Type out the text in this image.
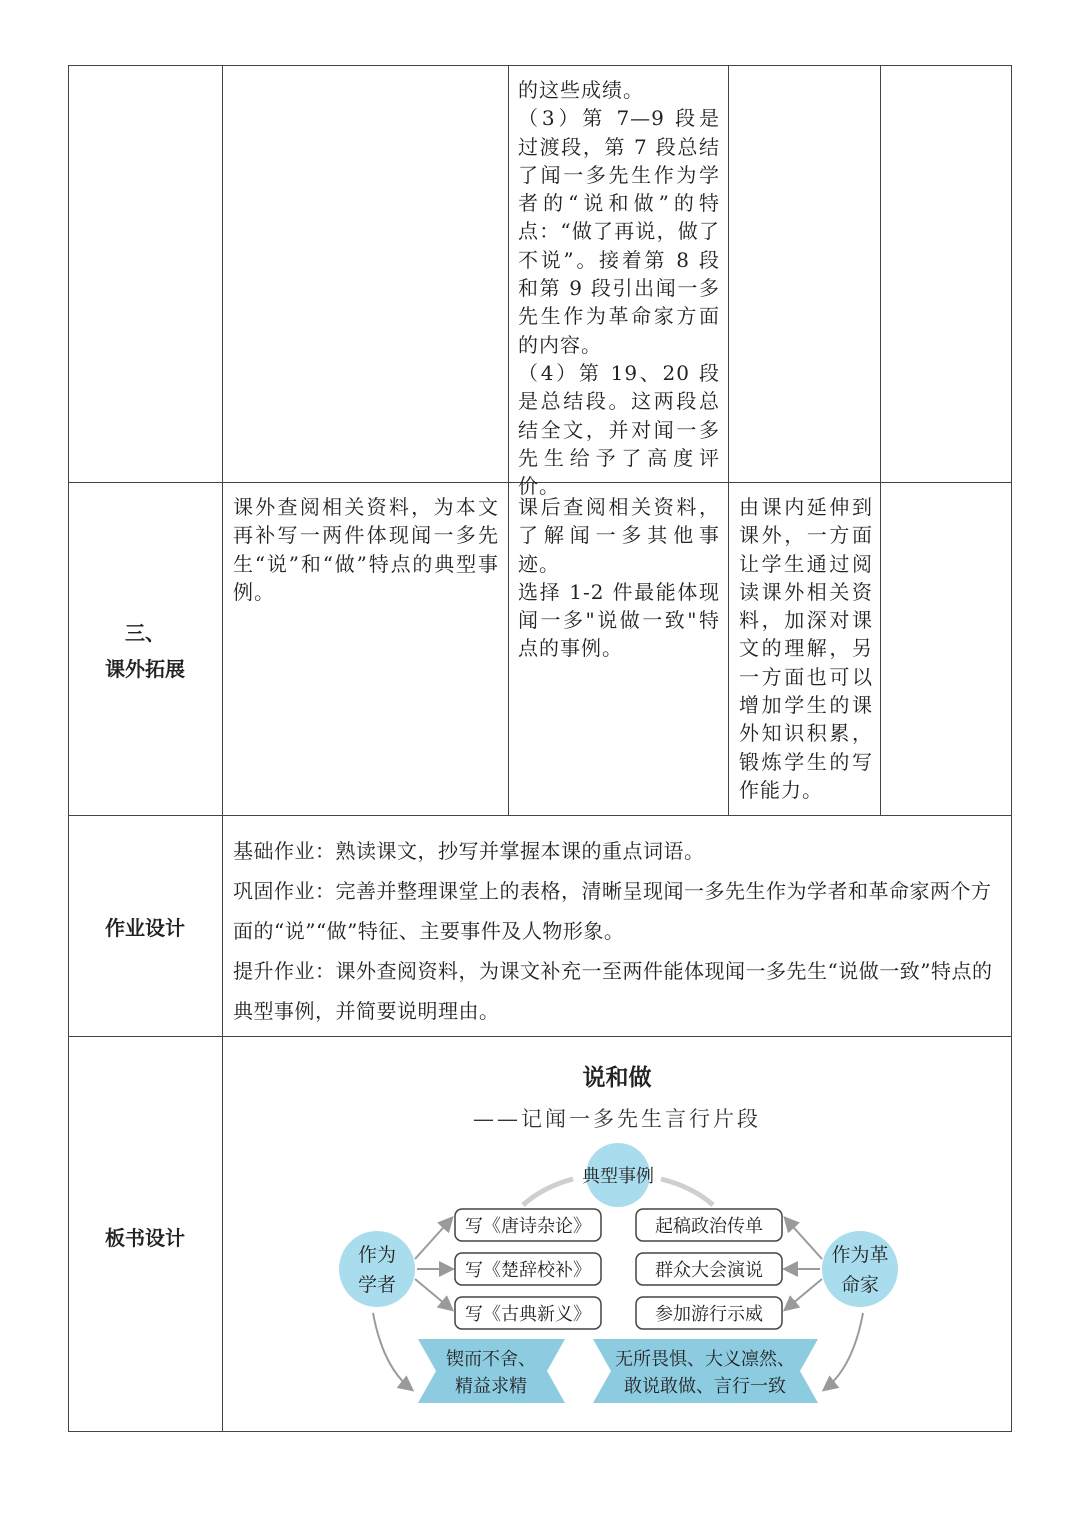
的这些成绩。
（3）第 7—9 段是过渡段，第 7 段总结了闻一多先生作为学者的“说和做”的特点：“做了再说，做了不说”。接着第 8 段和第 9 段引出闻一多先生作为革命家方面的内容。
（4）第 19、20 段是总结段。这两段总结全文，并对闻一多先生给予了高度评价。
三、
课外拓展
课外查阅相关资料，为本文再补写一两件体现闻一多先生“说”和“做”特点的典型事例。
课后查阅相关资料，了解闻一多其他事迹。
选择 1-2 件最能体现闻一多"说做一致"特点的事例。
由课内延伸到课外，一方面让学生通过阅读课外相关资料，加深对课文的理解，另一方面也可以增加学生的课外知识积累，锻炼学生的写作能力。
作业设计

基础作业：熟读课文，抄写并掌握本课的重点词语。

巩固作业：完善并整理课堂上的表格，清晰呈现闻一多先生作为学者和革命家两个方面的“说”“做”特征、主要事件及人物形象。

提升作业：课外查阅资料，为课文补充一至两件能体现闻一多先生“说做一致”特点的典型事例，并简要说明理由。

板书设计
说和做
——记闻一多先生言行片段
典型事例
作为
学者
作为革
命家
写《唐诗杂论》
写《楚辞校补》
写《古典新义》
起稿政治传单
群众大会演说
参加游行示威
锲而不舍、
精益求精
无所畏惧、大义凛然、
敢说敢做、言行一致
